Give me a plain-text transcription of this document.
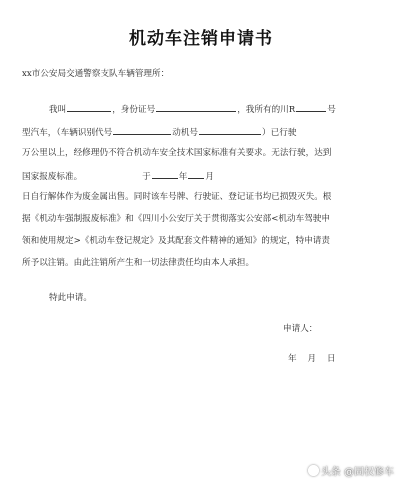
机动车注销申请书
xx市公安局交通警察支队车辆管理所：
我叫	，身份证号	，我所有的川R	号
型汽车，（车辆识别代号	动机号	）已行驶
万公里以上，经修理仍不符合机动车安全技术国家标准有关要求。无法行驶，达到
国家报废标准。	于	年 月
日自行解体作为废金属出售。同时该车号牌、行驶证、登记证书均已损毁灭失。根
据《机动车强制报废标准》和《四川小公安厅关于贯彻落实公安部<机动车驾驶申
领和使用规定>《机动车登记规定》及其配套文件精神的通知》的规定，特申请责
所予以注销。由此注销所产生和一切法律责任均由本人承担。
特此申请。
申请人：
年    月    日
头条 @固权修车
